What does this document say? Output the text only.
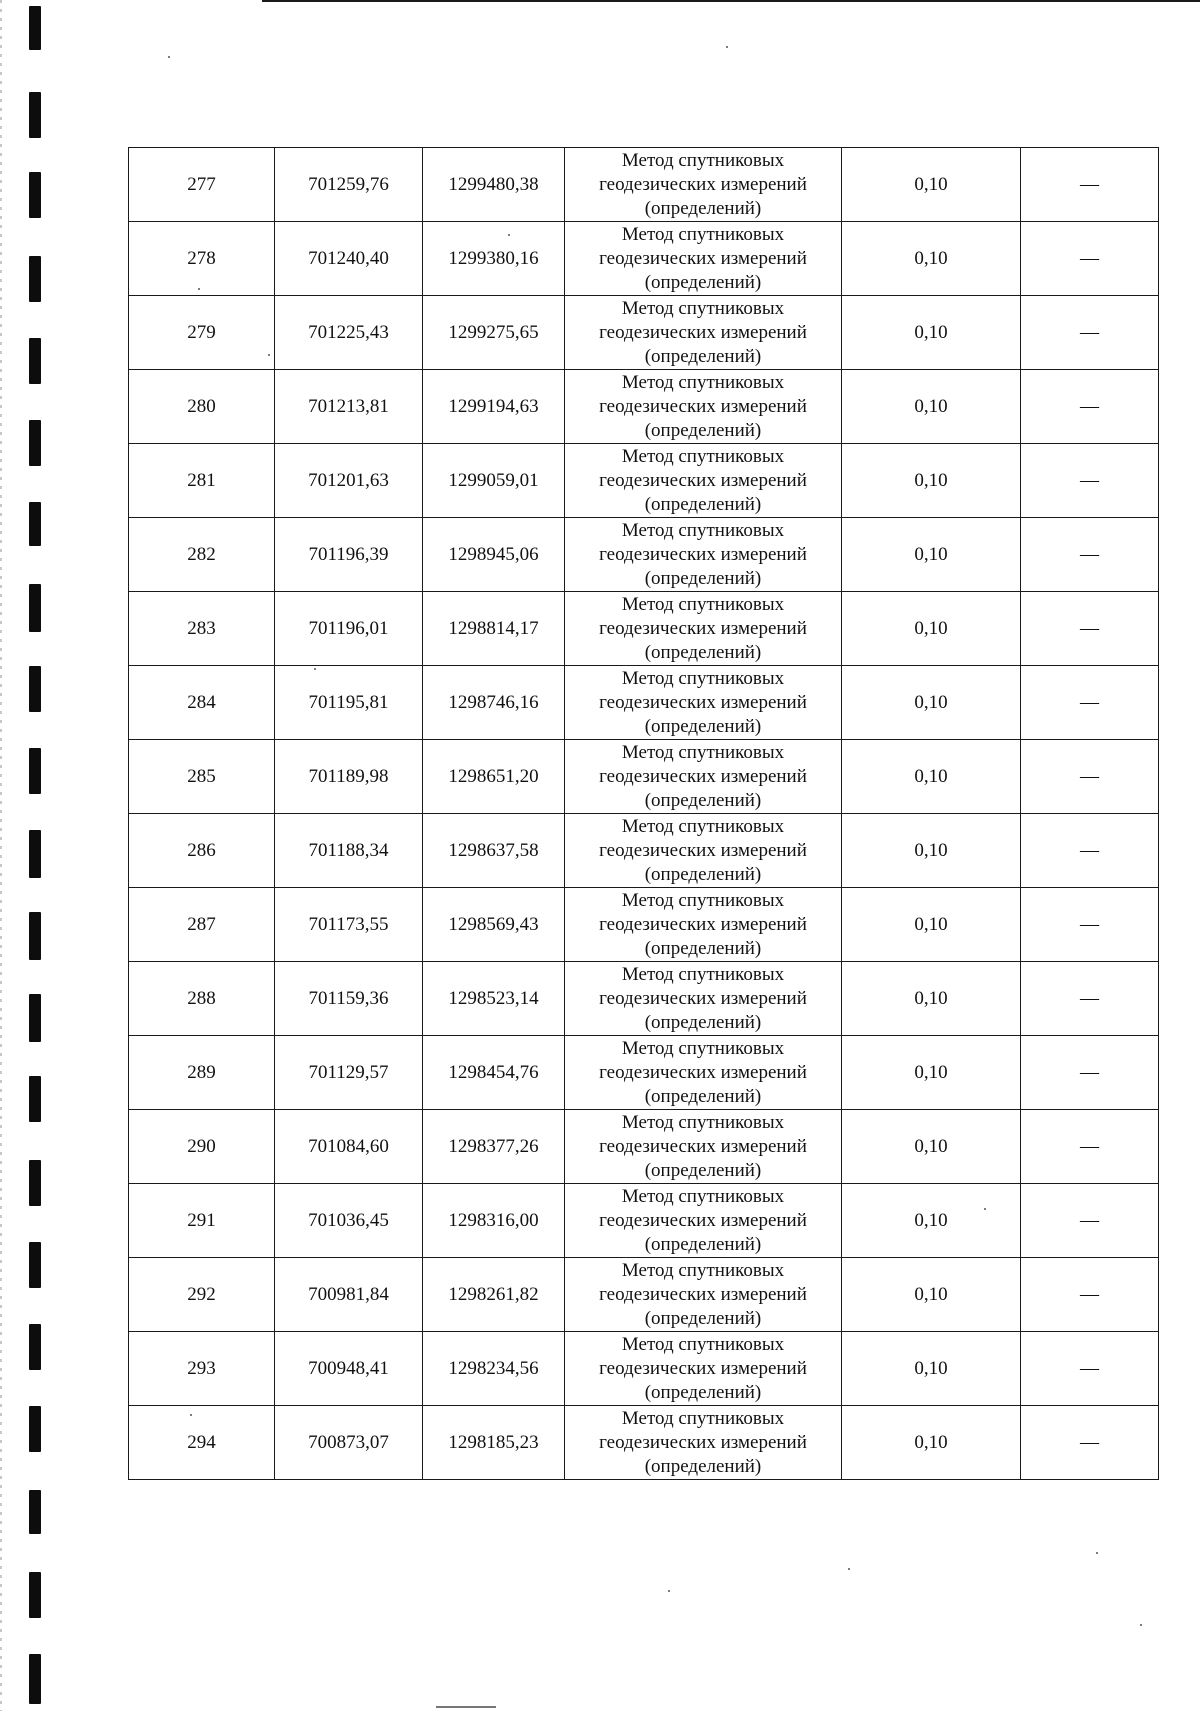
277	701259,76	1299480,38	Метод спутниковых
геодезических измерений
(определений)	0,10	—
278	701240,40	1299380,16	Метод спутниковых
геодезических измерений
(определений)	0,10	—
279	701225,43	1299275,65	Метод спутниковых
геодезических измерений
(определений)	0,10	—
280	701213,81	1299194,63	Метод спутниковых
геодезических измерений
(определений)	0,10	—
281	701201,63	1299059,01	Метод спутниковых
геодезических измерений
(определений)	0,10	—
282	701196,39	1298945,06	Метод спутниковых
геодезических измерений
(определений)	0,10	—
283	701196,01	1298814,17	Метод спутниковых
геодезических измерений
(определений)	0,10	—
284	701195,81	1298746,16	Метод спутниковых
геодезических измерений
(определений)	0,10	—
285	701189,98	1298651,20	Метод спутниковых
геодезических измерений
(определений)	0,10	—
286	701188,34	1298637,58	Метод спутниковых
геодезических измерений
(определений)	0,10	—
287	701173,55	1298569,43	Метод спутниковых
геодезических измерений
(определений)	0,10	—
288	701159,36	1298523,14	Метод спутниковых
геодезических измерений
(определений)	0,10	—
289	701129,57	1298454,76	Метод спутниковых
геодезических измерений
(определений)	0,10	—
290	701084,60	1298377,26	Метод спутниковых
геодезических измерений
(определений)	0,10	—
291	701036,45	1298316,00	Метод спутниковых
геодезических измерений
(определений)	0,10	—
292	700981,84	1298261,82	Метод спутниковых
геодезических измерений
(определений)	0,10	—
293	700948,41	1298234,56	Метод спутниковых
геодезических измерений
(определений)	0,10	—
294	700873,07	1298185,23	Метод спутниковых
геодезических измерений
(определений)	0,10	—
